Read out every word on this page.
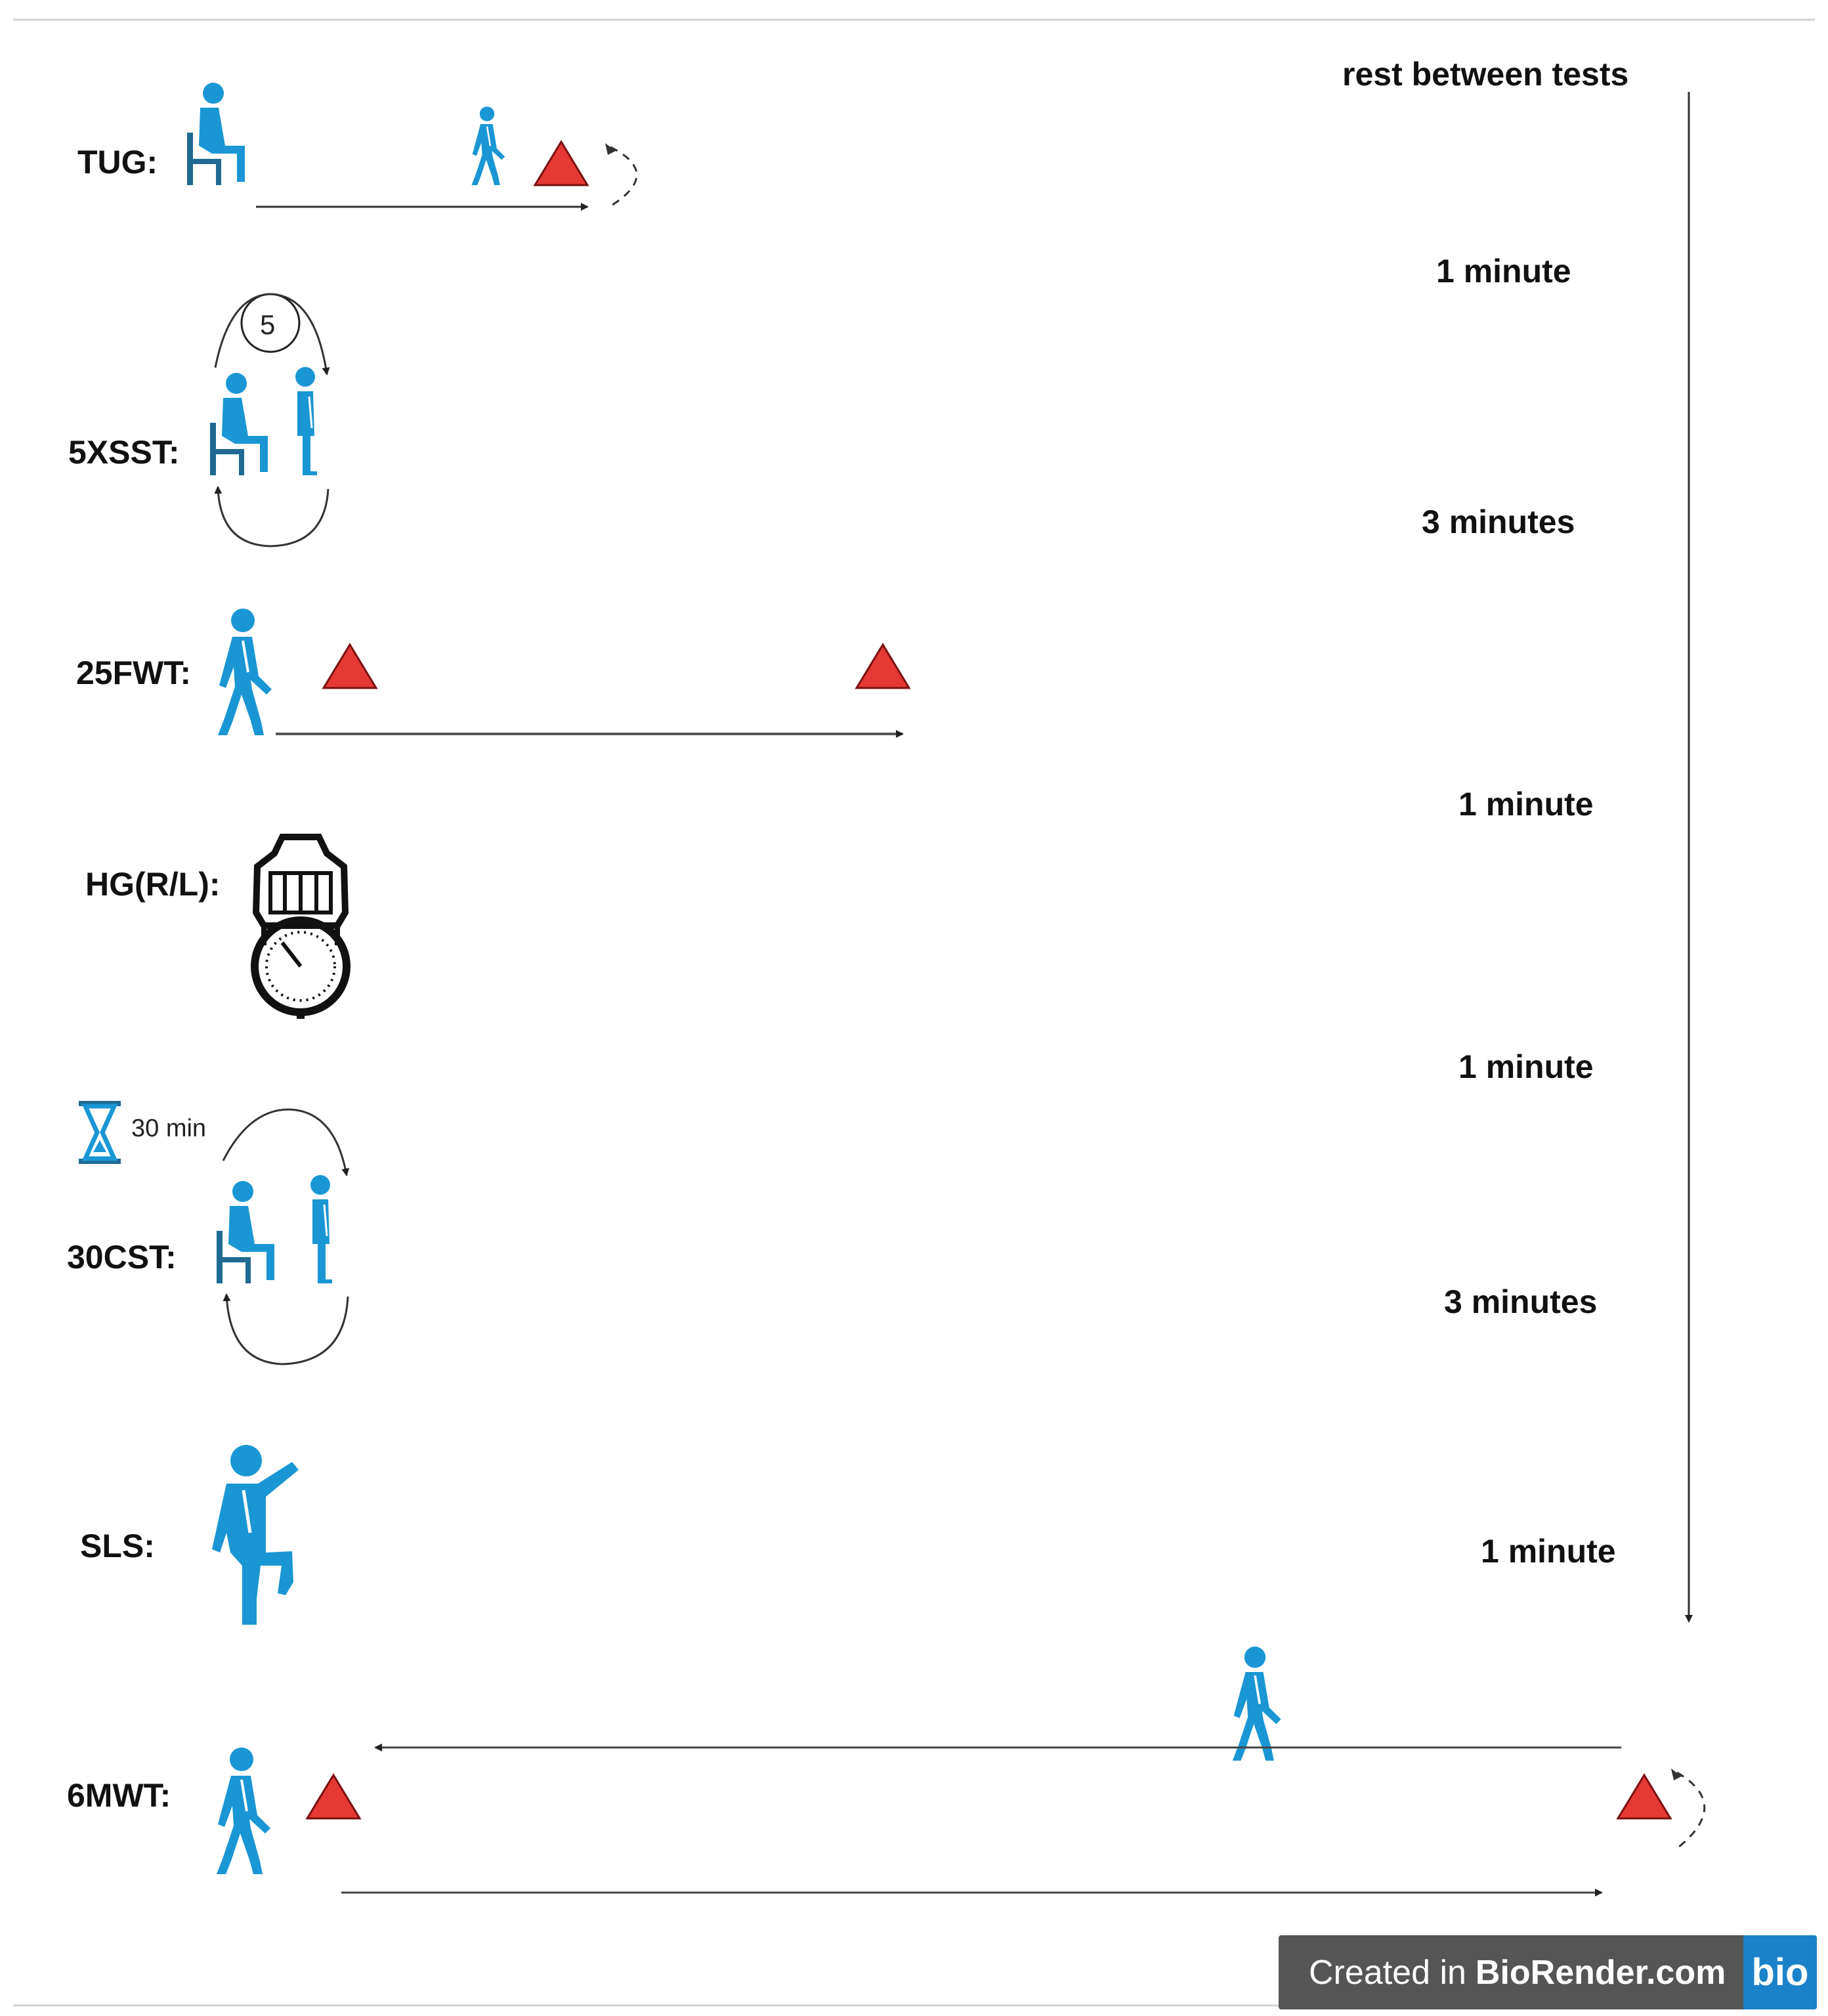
TUG:
5XSST:
25FWT:
HG(R/L):
30CST:
SLS:
6MWT:
5
30 min
rest between tests
1 minute
3 minutes
1 minute
1 minute
3 minutes
1 minute
Created in BioRender.com bio
